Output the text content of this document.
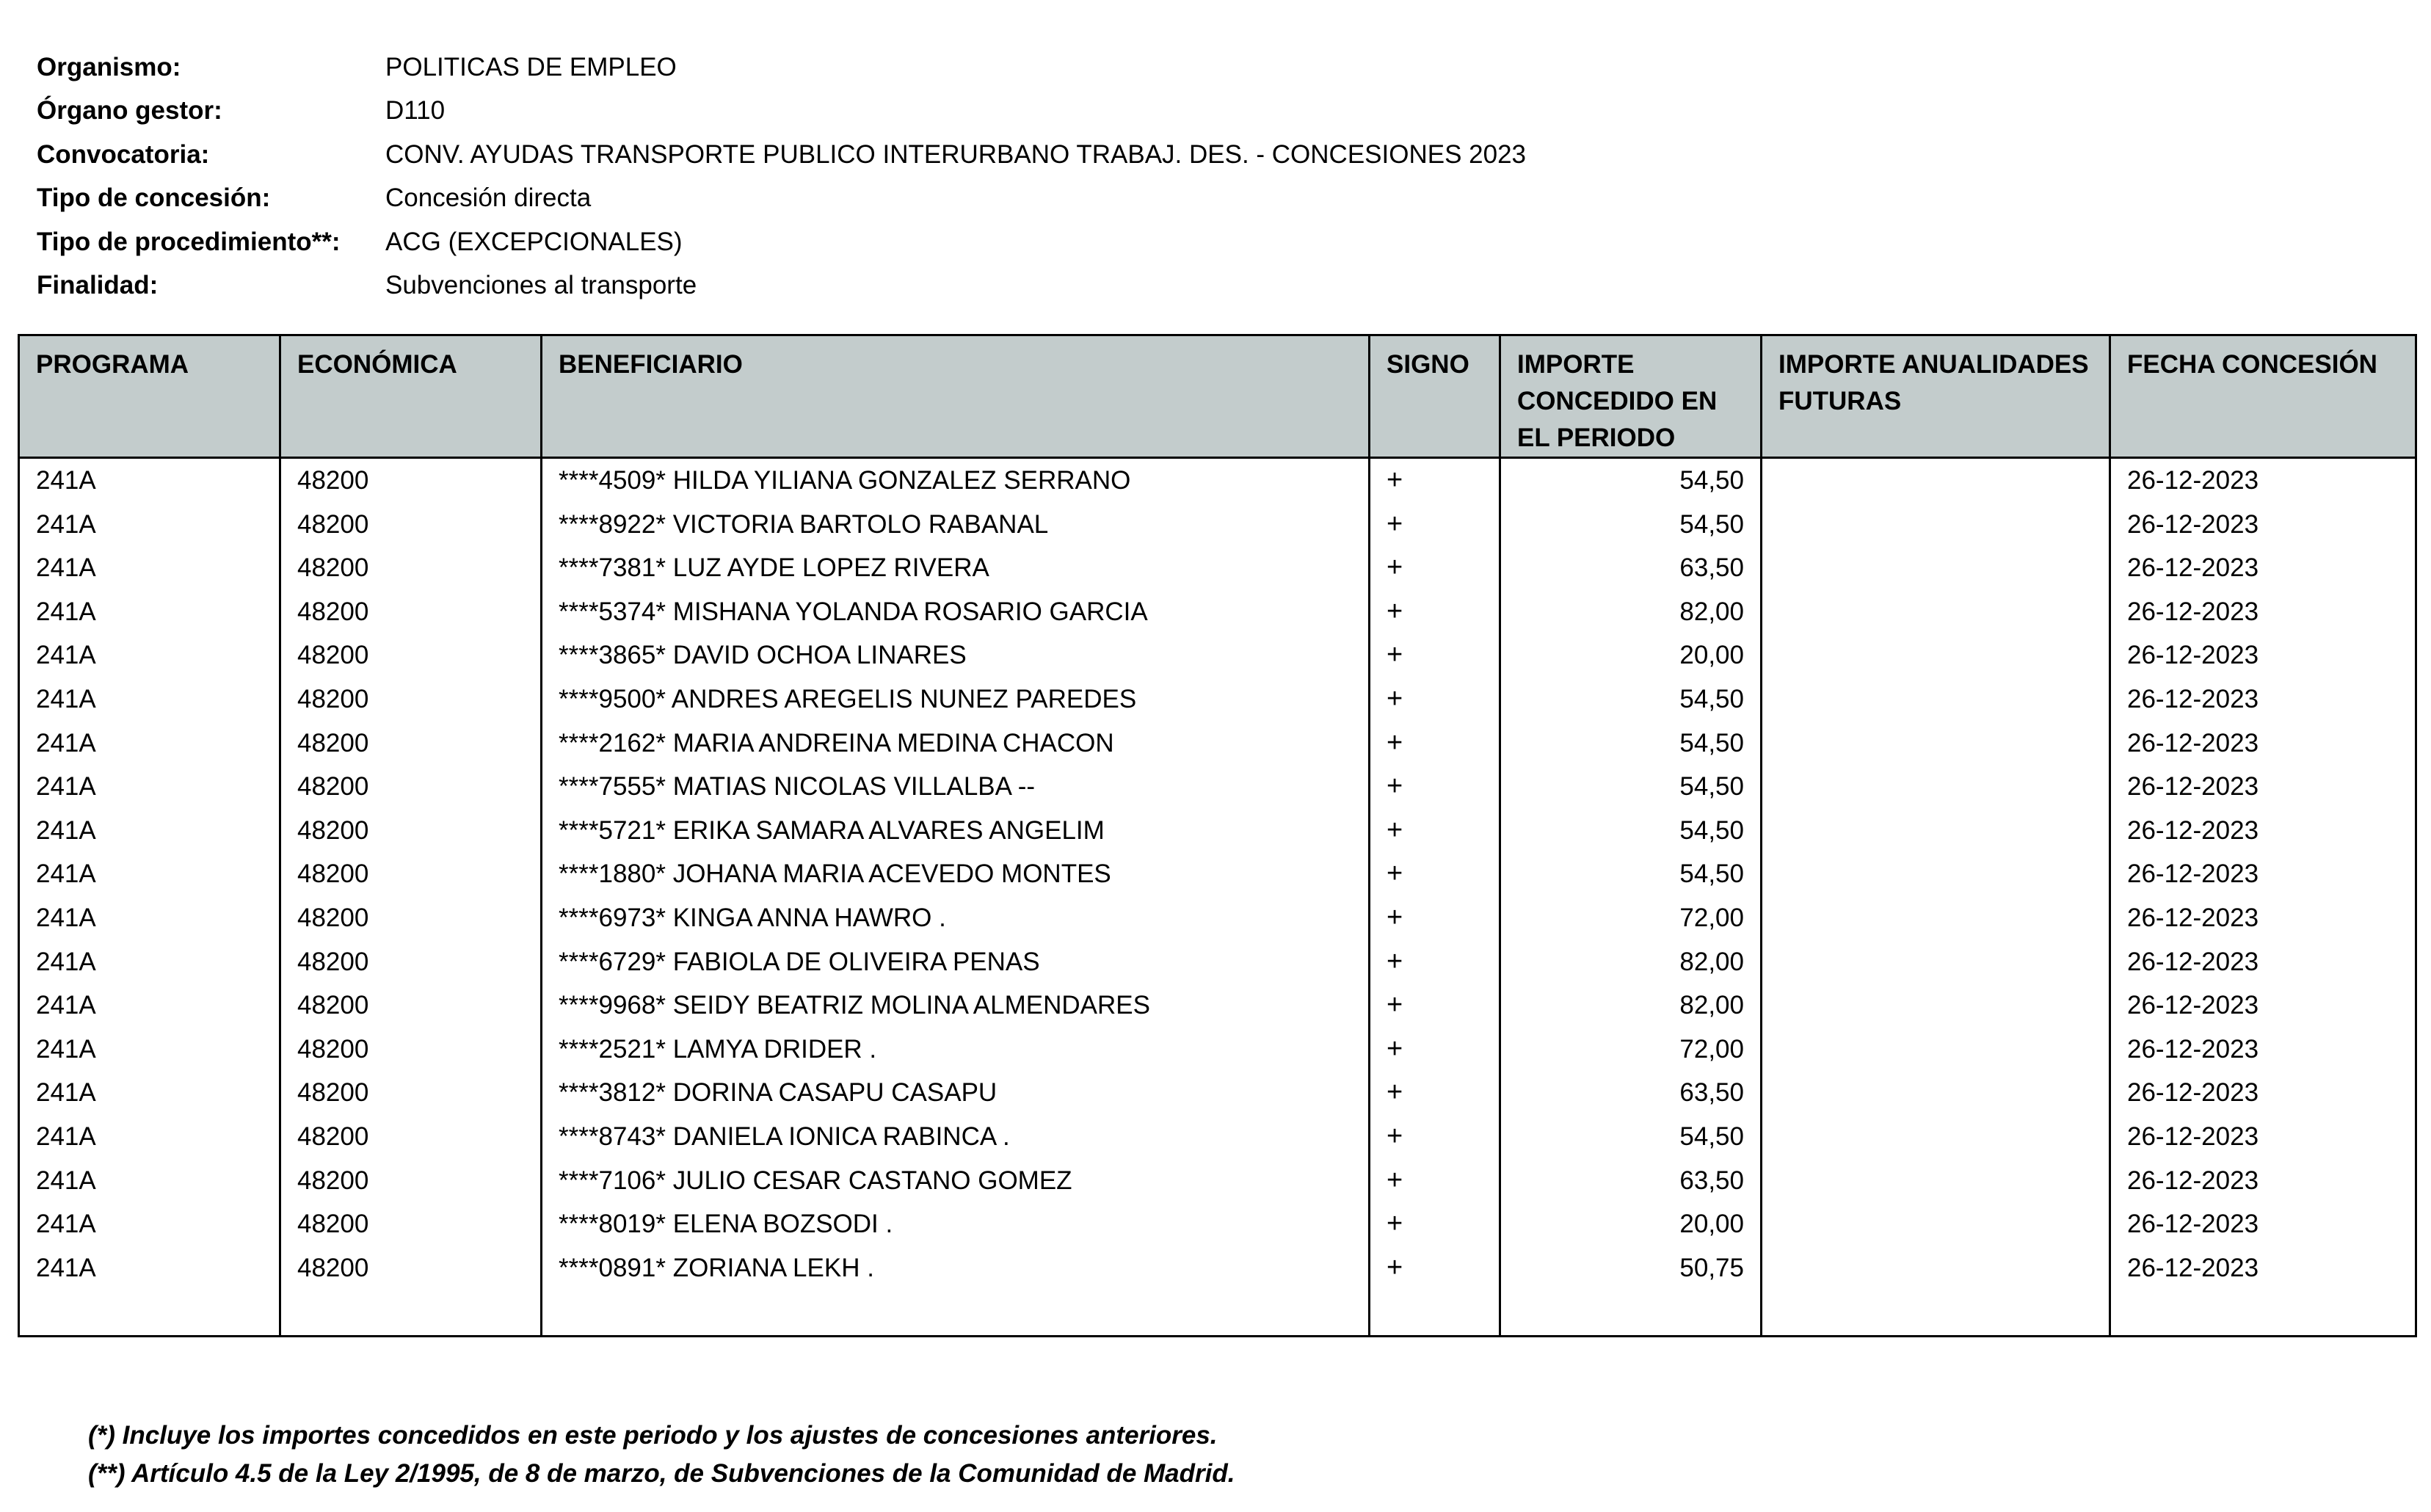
Organismo:	POLITICAS DE EMPLEO
Órgano gestor:	D110
Convocatoria:	CONV. AYUDAS TRANSPORTE PUBLICO INTERURBANO TRABAJ. DES. - CONCESIONES 2023
Tipo de concesión:	Concesión directa
Tipo de procedimiento**:	ACG (EXCEPCIONALES)
Finalidad:	Subvenciones al transporte
PROGRAMA	ECONÓMICA	BENEFICIARIO	SIGNO	IMPORTE CONCEDIDO EN EL PERIODO	IMPORTE ANUALIDADES FUTURAS	FECHA CONCESIÓN
241A	48200	****4509* HILDA YILIANA GONZALEZ SERRANO	+	54,50		26-12-2023
241A	48200	****8922* VICTORIA BARTOLO RABANAL	+	54,50		26-12-2023
241A	48200	****7381* LUZ AYDE LOPEZ RIVERA	+	63,50		26-12-2023
241A	48200	****5374* MISHANA YOLANDA ROSARIO GARCIA	+	82,00		26-12-2023
241A	48200	****3865* DAVID OCHOA LINARES	+	20,00		26-12-2023
241A	48200	****9500* ANDRES AREGELIS NUNEZ PAREDES	+	54,50		26-12-2023
241A	48200	****2162* MARIA ANDREINA MEDINA CHACON	+	54,50		26-12-2023
241A	48200	****7555* MATIAS NICOLAS VILLALBA --	+	54,50		26-12-2023
241A	48200	****5721* ERIKA SAMARA ALVARES ANGELIM	+	54,50		26-12-2023
241A	48200	****1880* JOHANA MARIA ACEVEDO MONTES	+	54,50		26-12-2023
241A	48200	****6973* KINGA ANNA HAWRO .	+	72,00		26-12-2023
241A	48200	****6729* FABIOLA DE OLIVEIRA PENAS	+	82,00		26-12-2023
241A	48200	****9968* SEIDY BEATRIZ MOLINA ALMENDARES	+	82,00		26-12-2023
241A	48200	****2521* LAMYA DRIDER .	+	72,00		26-12-2023
241A	48200	****3812* DORINA CASAPU CASAPU	+	63,50		26-12-2023
241A	48200	****8743* DANIELA IONICA RABINCA .	+	54,50		26-12-2023
241A	48200	****7106* JULIO CESAR CASTANO GOMEZ	+	63,50		26-12-2023
241A	48200	****8019* ELENA BOZSODI .	+	20,00		26-12-2023
241A	48200	****0891* ZORIANA LEKH .	+	50,75		26-12-2023

(*) Incluye los importes concedidos en este periodo y los ajustes de concesiones anteriores.
(**) Artículo 4.5 de la Ley 2/1995, de 8 de marzo, de Subvenciones de la Comunidad de Madrid.
